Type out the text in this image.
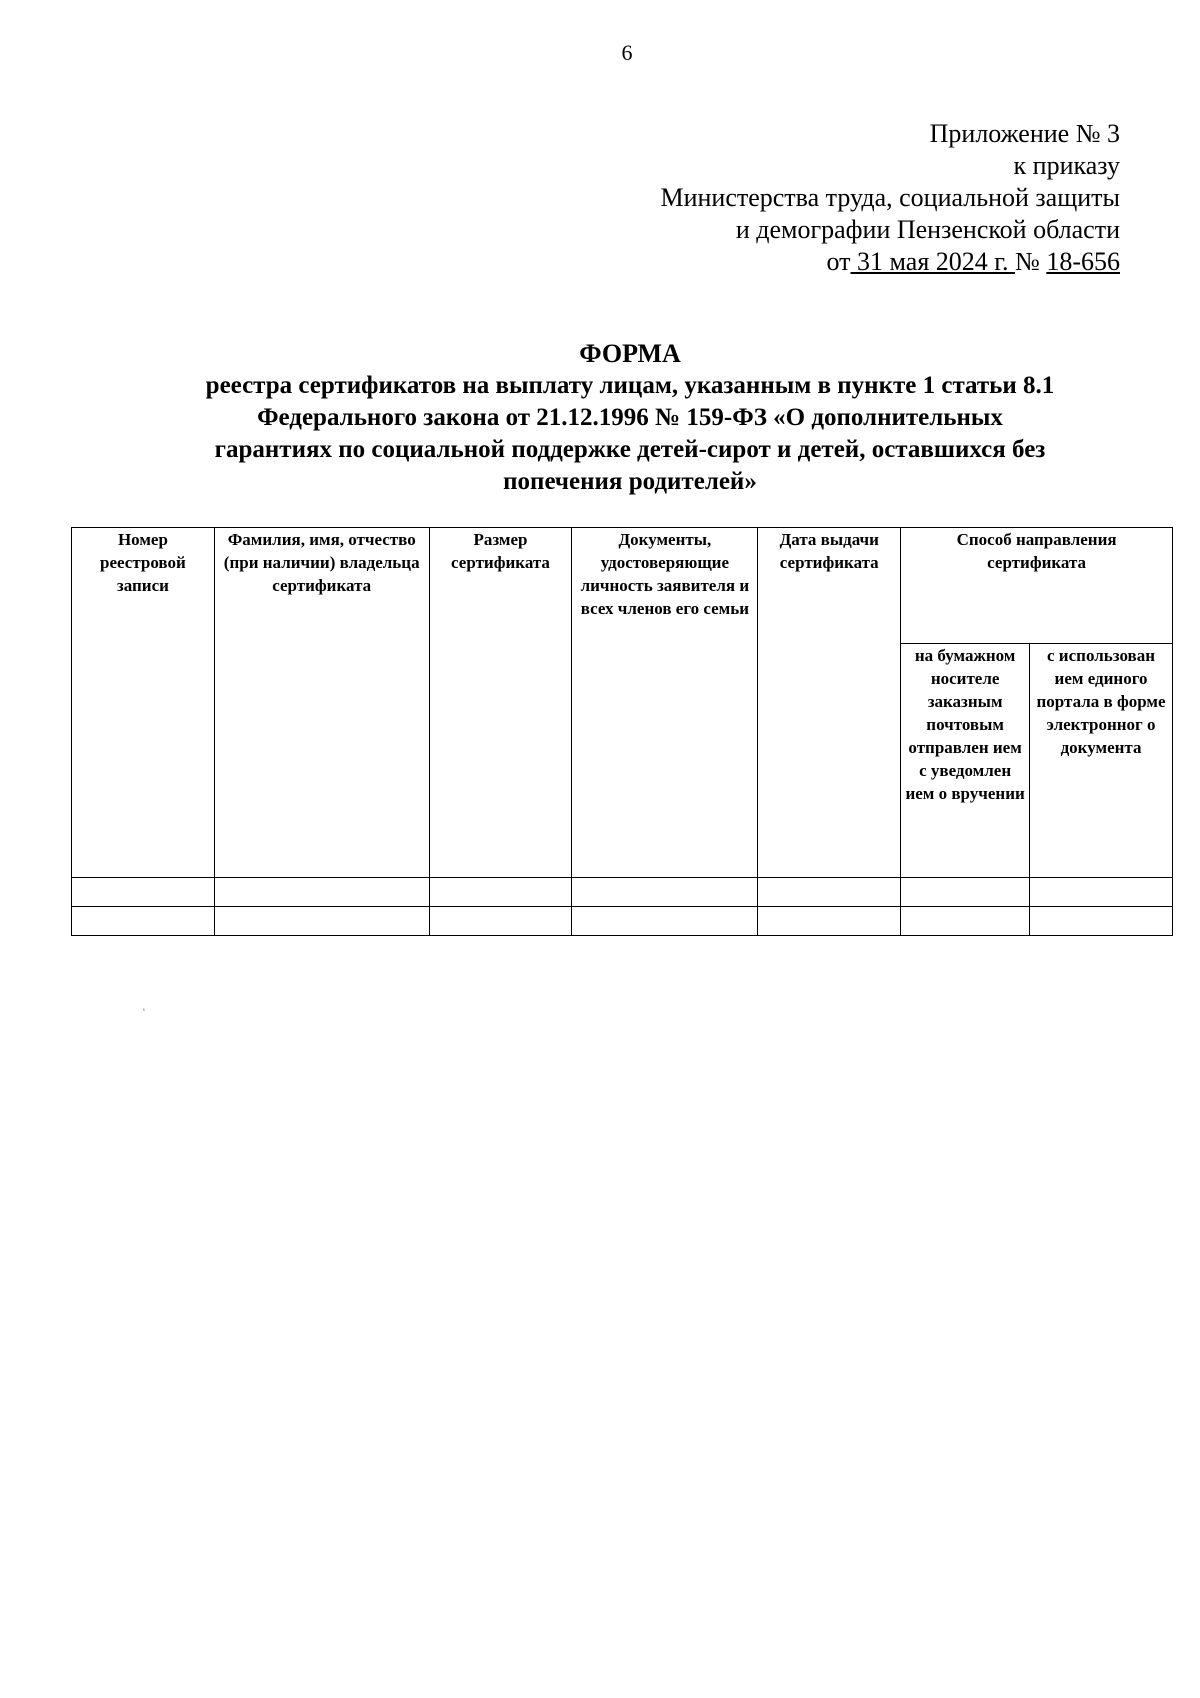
6
Приложение № 3
к приказу
Министерства труда, социальной защиты
и демографии Пензенской области
от 31 мая 2024 г. № 18-656
ФОРМА
реестра сертификатов на выплату лицам, указанным в пункте 1 статьи 8.1
Федерального закона от 21.12.1996 № 159-ФЗ «О дополнительных
гарантиях по социальной поддержке детей-сирот и детей, оставшихся без
попечения родителей»
Номер реестровой записи	Фамилия, имя, отчество (при наличии) владельца сертификата	Размер сертификата	Документы, удостоверяющие личность заявителя и всех членов его семьи	Дата выдачи сертификата	Способ направления сертификата	
					на бумажном носителе заказным почтовым отправлен ием с уведомлен ием о вручении	с использован ием единого портала в форме электронног о документа

ˢ
